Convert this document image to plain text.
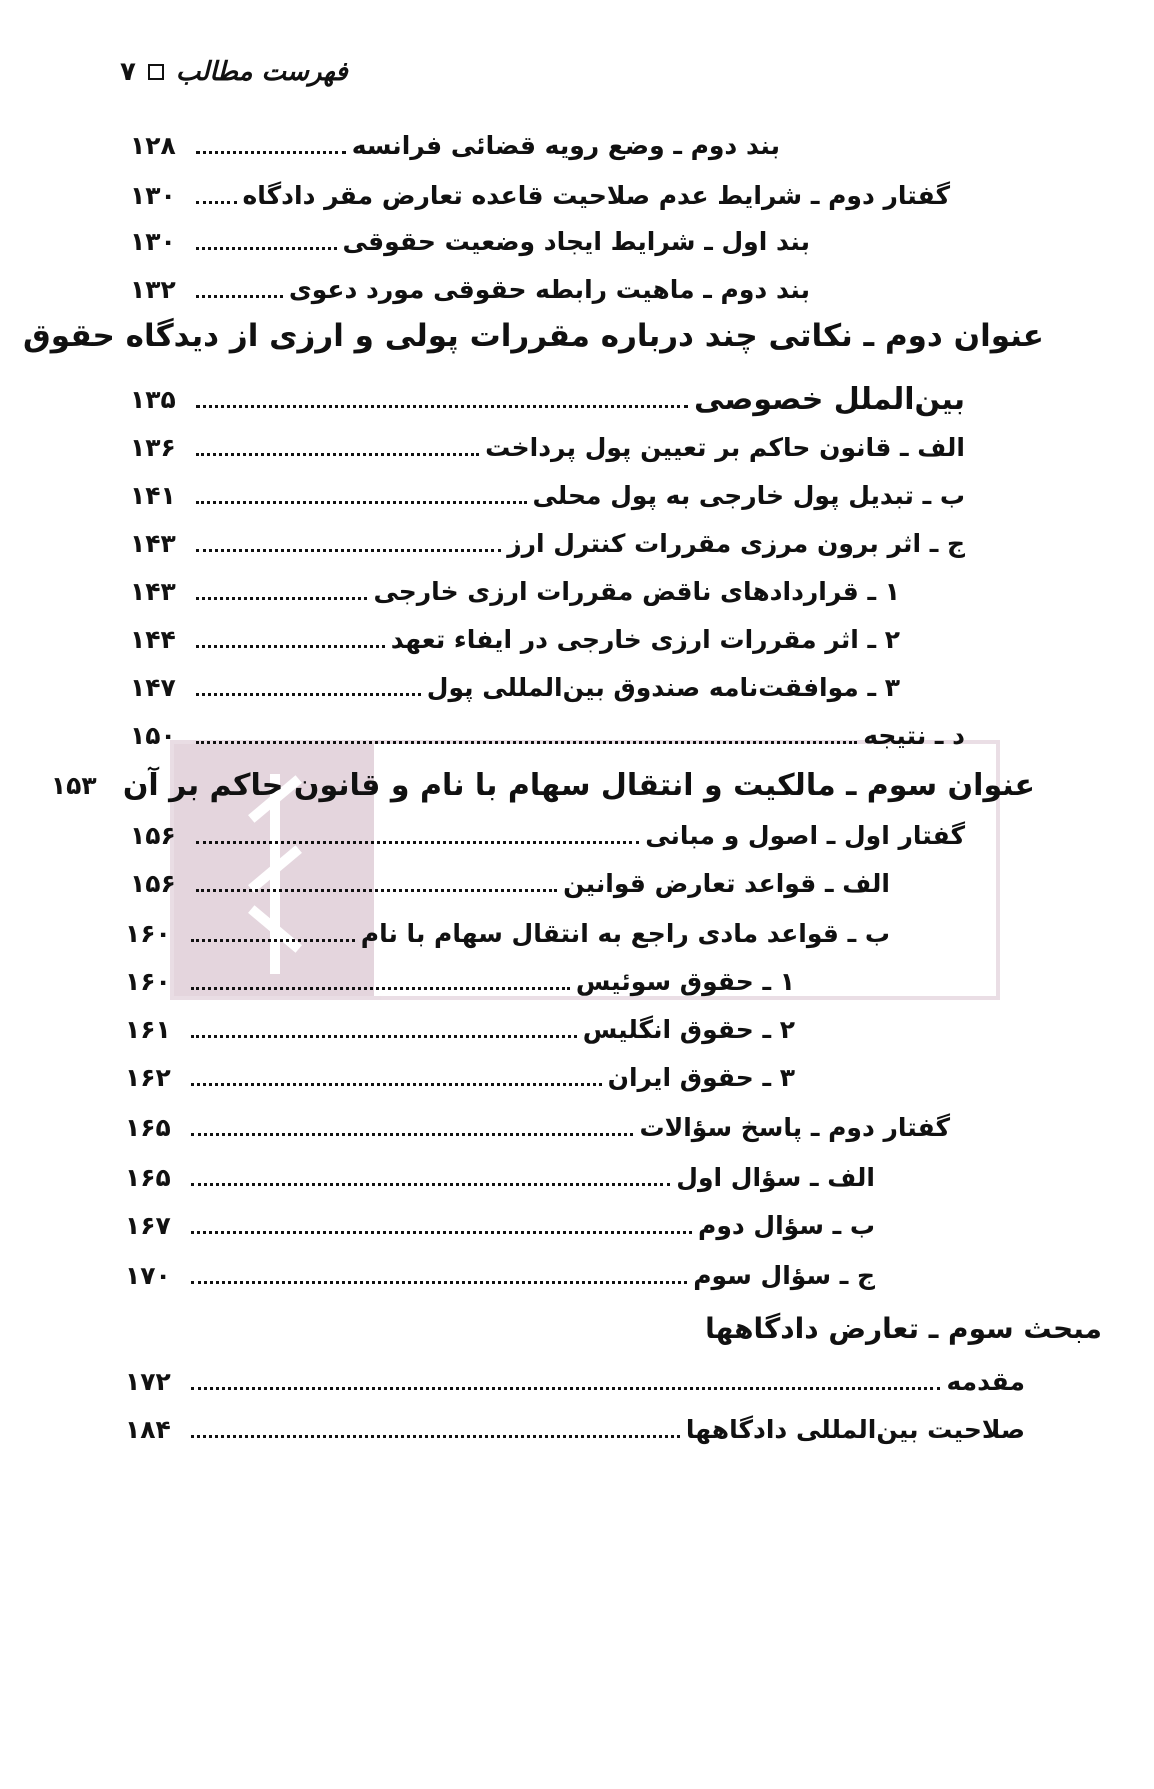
۷ فهرست مطالب
بند دوم ـ وضع رویه قضائی فرانسه
۱۲۸
گفتار دوم ـ شرایط عدم صلاحیت قاعده تعارض مقر دادگاه
۱۳۰
بند اول ـ شرایط ایجاد وضعیت حقوقی
۱۳۰
بند دوم ـ ماهیت رابطه حقوقی مورد دعوی
۱۳۲
عنوان دوم ـ نکاتی چند درباره مقررات پولی و ارزی از دیدگاه حقوق
بین‌الملل خصوصی
۱۳۵
الف ـ قانون حاکم بر تعیین پول پرداخت
۱۳۶
ب ـ تبدیل پول خارجی به پول محلی
۱۴۱
ج ـ اثر برون مرزی مقررات کنترل ارز
۱۴۳
۱ ـ قراردادهای ناقض مقررات ارزی خارجی
۱۴۳
۲ ـ اثر مقررات ارزی خارجی در ایفاء تعهد
۱۴۴
۳ ـ موافقت‌نامه صندوق بین‌المللی پول
۱۴۷
د ـ نتیجه
۱۵۰
عنوان سوم ـ مالکیت و انتقال سهام با نام و قانون حاکم بر آن
۱۵۳
گفتار اول ـ اصول و مبانی
۱۵۶
الف ـ قواعد تعارض قوانین
۱۵۶
ب ـ قواعد مادی راجع به انتقال سهام با نام
۱۶۰
۱ ـ حقوق سوئیس
۱۶۰
۲ ـ حقوق انگلیس
۱۶۱
۳ ـ حقوق ایران
۱۶۲
گفتار دوم ـ پاسخ سؤالات
۱۶۵
الف ـ سؤال اول
۱۶۵
ب ـ سؤال دوم
۱۶۷
ج ـ سؤال سوم
۱۷۰
مبحث سوم ـ تعارض دادگاهها
مقدمه
۱۷۲
صلاحیت بین‌المللی دادگاهها
۱۸۴
